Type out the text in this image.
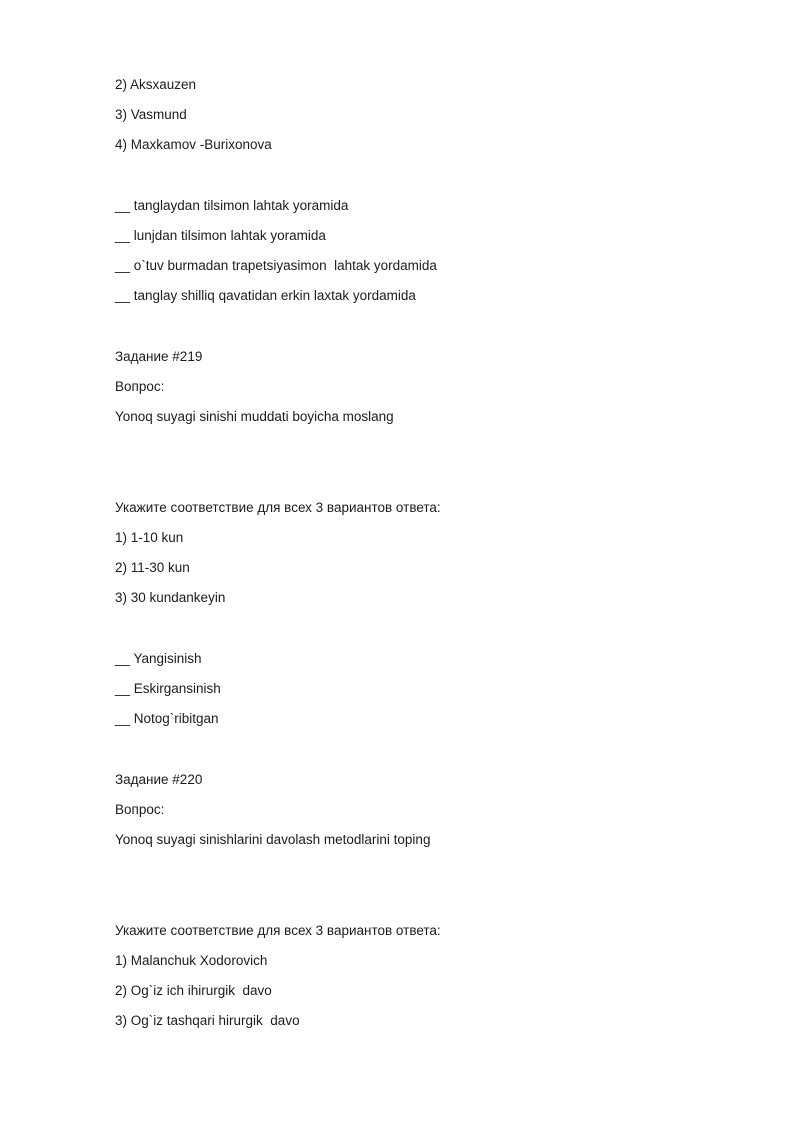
2) Aksxauzen
3) Vasmund
4) Maxkamov -Burixonova
__ tanglaydan tilsimon lahtak yoramida
__ lunjdan tilsimon lahtak yoramida
__ o`tuv burmadan trapetsiyasimon  lahtak yordamida
__ tanglay shilliq qavatidan erkin laxtak yordamida
Задание #219
Вопрос:
Yonoq suyagi sinishi muddati boyicha moslang
Укажите соответствие для всех 3 вариантов ответа:
1) 1-10 kun
2) 11-30 kun
3) 30 kundankeyin
__ Yangisinish
__ Eskirgansinish
__ Notog`ribitgan
Задание #220
Вопрос:
Yonoq suyagi sinishlarini davolash metodlarini toping
Укажите соответствие для всех 3 вариантов ответа:
1) Malanchuk Xodorovich
2) Og`iz ich ihirurgik  davo
3) Og`iz tashqari hirurgik  davo
